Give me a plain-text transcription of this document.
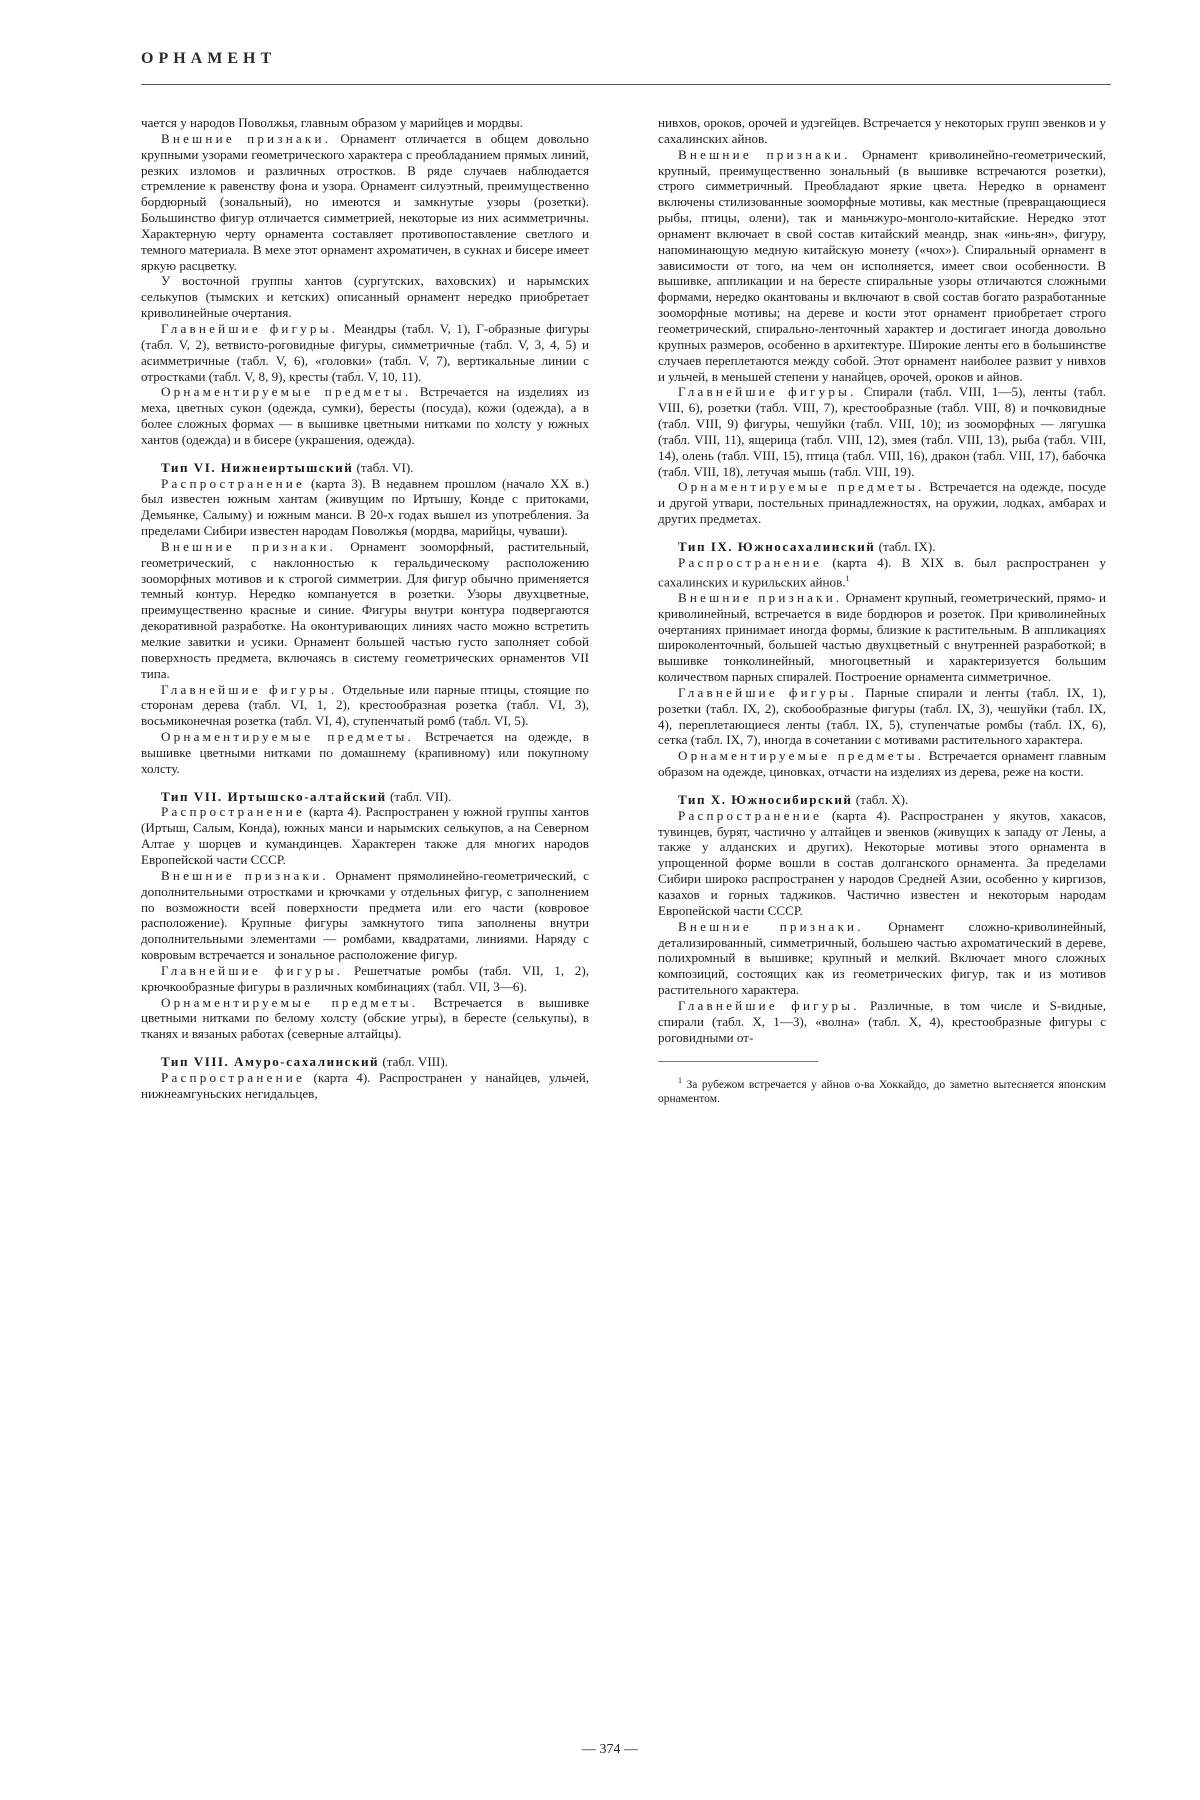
ОРНАМЕНТ

чается у народов Поволжья, главным образом у марийцев и мордвы.

Внешние признаки. Орнамент отличается в общем довольно крупными узорами геометрического характера с преобладанием прямых линий, резких изломов и различных отростков. В ряде случаев наблюдается стремление к равенству фона и узора. Орнамент силуэтный, преимущественно бордюрный (зональный), но имеются и замкнутые узоры (розетки). Большинство фигур отличается симметрией, некоторые из них асимметричны. Характерную черту орнамента составляет противопоставление светлого и темного материала. В мехе этот орнамент ахроматичен, в сукнах и бисере имеет яркую расцветку.

У восточной группы хантов (сургутских, ваховских) и нарымских селькупов (тымских и кетских) описанный орнамент нередко приобретает криволинейные очертания.

Главнейшие фигуры. Меандры (табл. V, 1), Г-образные фигуры (табл. V, 2), ветвисто-роговидные фигуры, симметричные (табл. V, 3, 4, 5) и асимметричные (табл. V, 6), «головки» (табл. V, 7), вертикальные линии с отростками (табл. V, 8, 9), кресты (табл. V, 10, 11).

Орнаментируемые предметы. Встречается на изделиях из меха, цветных сукон (одежда, сумки), бересты (посуда), кожи (одежда), а в более сложных формах — в вышивке цветными нитками по холсту у южных хантов (одежда) и в бисере (украшения, одежда).

Тип VI. Нижнеиртышский (табл. VI).

Распространение (карта 3). В недавнем прошлом (начало XX в.) был известен южным хантам (живущим по Иртышу, Конде с притоками, Демьянке, Салыму) и южным манси. В 20-х годах вышел из употребления. За пределами Сибири известен народам Поволжья (мордва, марийцы, чуваши).

Внешние признаки. Орнамент зооморфный, растительный, геометрический, с наклонностью к геральдическому расположению зооморфных мотивов и к строгой симметрии. Для фигур обычно применяется темный контур. Нередко компануется в розетки. Узоры двухцветные, преимущественно красные и синие. Фигуры внутри контура подвергаются декоративной разработке. На оконтуривающих линиях часто можно встретить мелкие завитки и усики. Орнамент большей частью густо заполняет собой поверхность предмета, включаясь в систему геометрических орнаментов VII типа.

Главнейшие фигуры. Отдельные или парные птицы, стоящие по сторонам дерева (табл. VI, 1, 2), крестообразная розетка (табл. VI, 3), восьмиконечная розетка (табл. VI, 4), ступенчатый ромб (табл. VI, 5).

Орнаментируемые предметы. Встречается на одежде, в вышивке цветными нитками по домашнему (крапивному) или покупному холсту.

Тип VII. Иртышско-алтайский (табл. VII).

Распространение (карта 4). Распространен у южной группы хантов (Иртыш, Салым, Конда), южных манси и нарымских селькупов, а на Северном Алтае у шорцев и кумандинцев. Характерен также для многих народов Европейской части СССР.

Внешние признаки. Орнамент прямолинейно-геометрический, с дополнительными отростками и крючками у отдельных фигур, с заполнением по возможности всей поверхности предмета или его части (ковровое расположение). Крупные фигуры замкнутого типа заполнены внутри дополнительными элементами — ромбами, квадратами, линиями. Наряду с ковровым встречается и зональное расположение фигур.

Главнейшие фигуры. Решетчатые ромбы (табл. VII, 1, 2), крючкообразные фигуры в различных комбинациях (табл. VII, 3—6).

Орнаментируемые предметы. Встречается в вышивке цветными нитками по белому холсту (обские угры), в бересте (селькупы), в тканях и вязаных работах (северные алтайцы).

Тип VIII. Амуро-сахалинский (табл. VIII).

Распространение (карта 4). Распространен у нанайцев, ульчей, нижнеамгуньских негидальцев,

нивхов, ороков, орочей и удэгейцев. Встречается у некоторых групп эвенков и у сахалинских айнов.

Внешние признаки. Орнамент криволинейно-геометрический, крупный, преимущественно зональный (в вышивке встречаются розетки), строго симметричный. Преобладают яркие цвета. Нередко в орнамент включены стилизованные зооморфные мотивы, как местные (превращающиеся рыбы, птицы, олени), так и маньчжуро-монголо-китайские. Нередко этот орнамент включает в свой состав китайский меандр, знак «инь-ян», фигуру, напоминающую медную китайскую монету («чох»). Спиральный орнамент в зависимости от того, на чем он исполняется, имеет свои особенности. В вышивке, аппликации и на бересте спиральные узоры отличаются сложными формами, нередко окантованы и включают в свой состав богато разработанные зооморфные мотивы; на дереве и кости этот орнамент приобретает строго геометрический, спирально-ленточный характер и достигает иногда довольно крупных размеров, особенно в архитектуре. Широкие ленты его в большинстве случаев переплетаются между собой. Этот орнамент наиболее развит у нивхов и ульчей, в меньшей степени у нанайцев, орочей, ороков и айнов.

Главнейшие фигуры. Спирали (табл. VIII, 1—5), ленты (табл. VIII, 6), розетки (табл. VIII, 7), крестообразные (табл. VIII, 8) и почковидные (табл. VIII, 9) фигуры, чешуйки (табл. VIII, 10); из зооморфных — лягушка (табл. VIII, 11), ящерица (табл. VIII, 12), змея (табл. VIII, 13), рыба (табл. VIII, 14), олень (табл. VIII, 15), птица (табл. VIII, 16), дракон (табл. VIII, 17), бабочка (табл. VIII, 18), летучая мышь (табл. VIII, 19).

Орнаментируемые предметы. Встречается на одежде, посуде и другой утвари, постельных принадлежностях, на оружии, лодках, амбарах и других предметах.

Тип IX. Южносахалинский (табл. IX).

Распространение (карта 4). В XIX в. был распространен у сахалинских и курильских айнов.$^1$

Внешние признаки. Орнамент крупный, геометрический, прямо- и криволинейный, встречается в виде бордюров и розеток. При криволинейных очертаниях принимает иногда формы, близкие к растительным. В аппликациях широколенточный, большей частью двухцветный с внутренней разработкой; в вышивке тонколинейный, многоцветный и характеризуется большим количеством парных спиралей. Построение орнамента симметричное.

Главнейшие фигуры. Парные спирали и ленты (табл. IX, 1), розетки (табл. IX, 2), скобообразные фигуры (табл. IX, 3), чешуйки (табл. IX, 4), переплетающиеся ленты (табл. IX, 5), ступенчатые ромбы (табл. IX, 6), сетка (табл. IX, 7), иногда в сочетании с мотивами растительного характера.

Орнаментируемые предметы. Встречается орнамент главным образом на одежде, циновках, отчасти на изделиях из дерева, реже на кости.

Тип X. Южносибирский (табл. X).

Распространение (карта 4). Распространен у якутов, хакасов, тувинцев, бурят, частично у алтайцев и эвенков (живущих к западу от Лены, а также у алданских и других). Некоторые мотивы этого орнамента в упрощенной форме вошли в состав долганского орнамента. За пределами Сибири широко распространен у народов Средней Азии, особенно у киргизов, казахов и горных таджиков. Частично известен и некоторым народам Европейской части СССР.

Внешние признаки. Орнамент сложно-криволинейный, детализированный, симметричный, большею частью ахроматический в дереве, полихромный в вышивке; крупный и мелкий. Включает много сложных композиций, состоящих как из геометрических фигур, так и из мотивов растительного характера.

Главнейшие фигуры. Различные, в том числе и S-видные, спирали (табл. X, 1—3), «волна» (табл. X, 4), крестообразные фигуры с роговидными от-

$^1$ За рубежом встречается у айнов о-ва Хоккайдо, до заметно вытесняется японским орнаментом.

— 374 —
